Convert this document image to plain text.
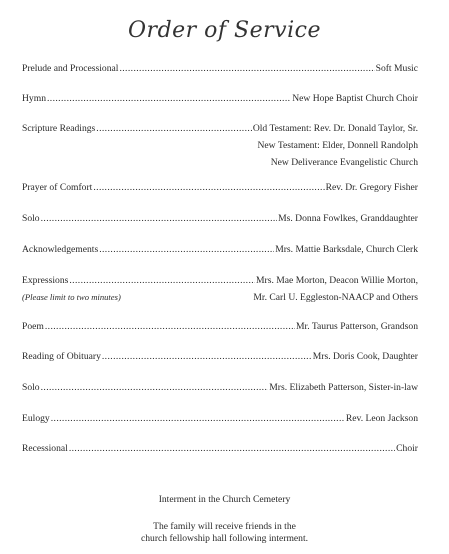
Order of Service
Prelude and Processional .....	Soft Music
Hymn .....	New Hope Baptist Church Choir
Scripture Readings .....	Old Testament: Rev. Dr. Donald Taylor, Sr.
New Testament: Elder, Donnell Randolph
New Deliverance Evangelistic Church
Prayer of Comfort .....	Rev. Dr. Gregory Fisher
Solo .....	Ms. Donna Fowlkes, Granddaughter
Acknowledgements .....	Mrs. Mattie Barksdale, Church Clerk
Expressions .....	Mrs. Mae Morton, Deacon Willie Morton,
(Please limit to two minutes)	Mr. Carl U. Eggleston-NAACP and Others
Poem .....	Mr. Taurus Patterson, Grandson
Reading of Obituary .....	Mrs. Doris Cook, Daughter
Solo .....	Mrs. Elizabeth Patterson, Sister-in-law
Eulogy .....	Rev. Leon Jackson
Recessional .....	Choir
Interment in the Church Cemetery
The family will receive friends in the
church fellowship hall following interment.
